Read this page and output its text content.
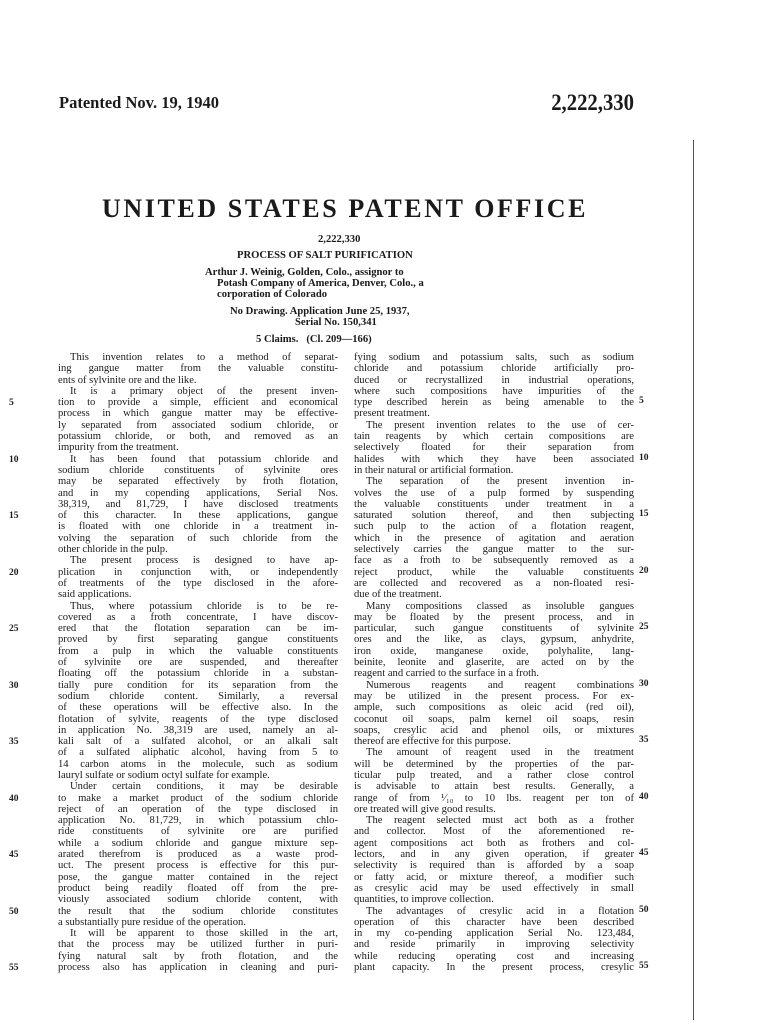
Patented Nov. 19, 1940	2,222,330
UNITED STATES PATENT OFFICE
2,222,330
PROCESS OF SALT PURIFICATION
Arthur J. Weinig, Golden, Colo., assignor to
Potash Company of America, Denver, Colo., a
corporation of Colorado
No Drawing. Application June 25, 1937,
Serial No. 150,341
5 Claims.   (Cl. 209—166)
This invention relates to a method of separat-
ing gangue matter from the valuable constitu-
ents of sylvinite ore and the like.
It is a primary object of the present inven-
tion to provide a simple, efficient and economical
process in which gangue matter may be effective-
ly separated from associated sodium chloride, or
potassium chloride, or both, and removed as an
impurity from the treatment.
It has been found that potassium chloride and
sodium chloride constituents of sylvinite ores
may be separated effectively by froth flotation,
and in my copending applications, Serial Nos.
38,319, and 81,729, I have disclosed treatments
of this character. In these applications, gangue
is floated with one chloride in a treatment in-
volving the separation of such chloride from the
other chloride in the pulp.
The present process is designed to have ap-
plication in conjunction with, or independently
of treatments of the type disclosed in the afore-
said applications.
Thus, where potassium chloride is to be re-
covered as a froth concentrate, I have discov-
ered that the flotation separation can be im-
proved by first separating gangue constituents
from a pulp in which the valuable constituents
of sylvinite ore are suspended, and thereafter
floating off the potassium chloride in a substan-
tially pure condition for its separation from the
sodium chloride content. Similarly, a reversal
of these operations will be effective also. In the
flotation of sylvite, reagents of the type disclosed
in application No. 38,319 are used, namely an al-
kali salt of a sulfated alcohol, or an alkali salt
of a sulfated aliphatic alcohol, having from 5 to
14 carbon atoms in the molecule, such as sodium
lauryl sulfate or sodium octyl sulfate for example.
Under certain conditions, it may be desirable
to make a market product of the sodium chloride
reject of an operation of the type disclosed in
application No. 81,729, in which potassium chlo-
ride constituents of sylvinite ore are purified
while a sodium chloride and gangue mixture sep-
arated therefrom is produced as a waste prod-
uct. The present process is effective for this pur-
pose, the gangue matter contained in the reject
product being readily floated off from the pre-
viously associated sodium chloride content, with
the result that the sodium chloride constitutes
a substantially pure residue of the operation.
It will be apparent to those skilled in the art,
that the process may be utilized further in puri-
fying natural salt by froth flotation, and the
process also has application in cleaning and puri-
fying sodium and potassium salts, such as sodium
chloride and potassium chloride artificially pro-
duced or recrystallized in industrial operations,
where such compositions have impurities of the
type described herein as being amenable to the
present treatment.
The present invention relates to the use of cer-
tain reagents by which certain compositions are
selectively floated for their separation from
halides with which they have been associated
in their natural or artificial formation.
The separation of the present invention in-
volves the use of a pulp formed by suspending
the valuable constituents under treatment in a
saturated solution thereof, and then subjecting
such pulp to the action of a flotation reagent,
which in the presence of agitation and aeration
selectively carries the gangue matter to the sur-
face as a froth to be subsequently removed as a
reject product, while the valuable constituents
are collected and recovered as a non-floated resi-
due of the treatment.
Many compositions classed as insoluble gangues
may be floated by the present process, and in
particular, such gangue constituents of sylvinite
ores and the like, as clays, gypsum, anhydrite,
iron oxide, manganese oxide, polyhalite, lang-
beinite, leonite and glaserite, are acted on by the
reagent and carried to the surface in a froth.
Numerous reagents and reagent combinations
may be utilized in the present process. For ex-
ample, such compositions as oleic acid (red oil),
coconut oil soaps, palm kernel oil soaps, resin
soaps, cresylic acid and phenol oils, or mixtures
thereof are effective for this purpose.
The amount of reagent used in the treatment
will be determined by the properties of the par-
ticular pulp treated, and a rather close control
is advisable to attain best results. Generally, a
range of from ¹⁄₁₀ to 10 lbs. reagent per ton of
ore treated will give good results.
The reagent selected must act both as a frother
and collector. Most of the aforementioned re-
agent compositions act both as frothers and col-
lectors, and in any given operation, if greater
selectivity is required than is afforded by a soap
or fatty acid, or mixture thereof, a modifier such
as cresylic acid may be used effectively in small
quantities, to improve collection.
The advantages of cresylic acid in a flotation
operation of this character have been described
in my co-pending application Serial No. 123,484,
and reside primarily in improving selectivity
while reducing operating cost and increasing
plant capacity. In the present process, cresylic
5
10
15
20
25
30
35
40
45
50
55
5
10
15
20
25
30
35
40
45
50
55
